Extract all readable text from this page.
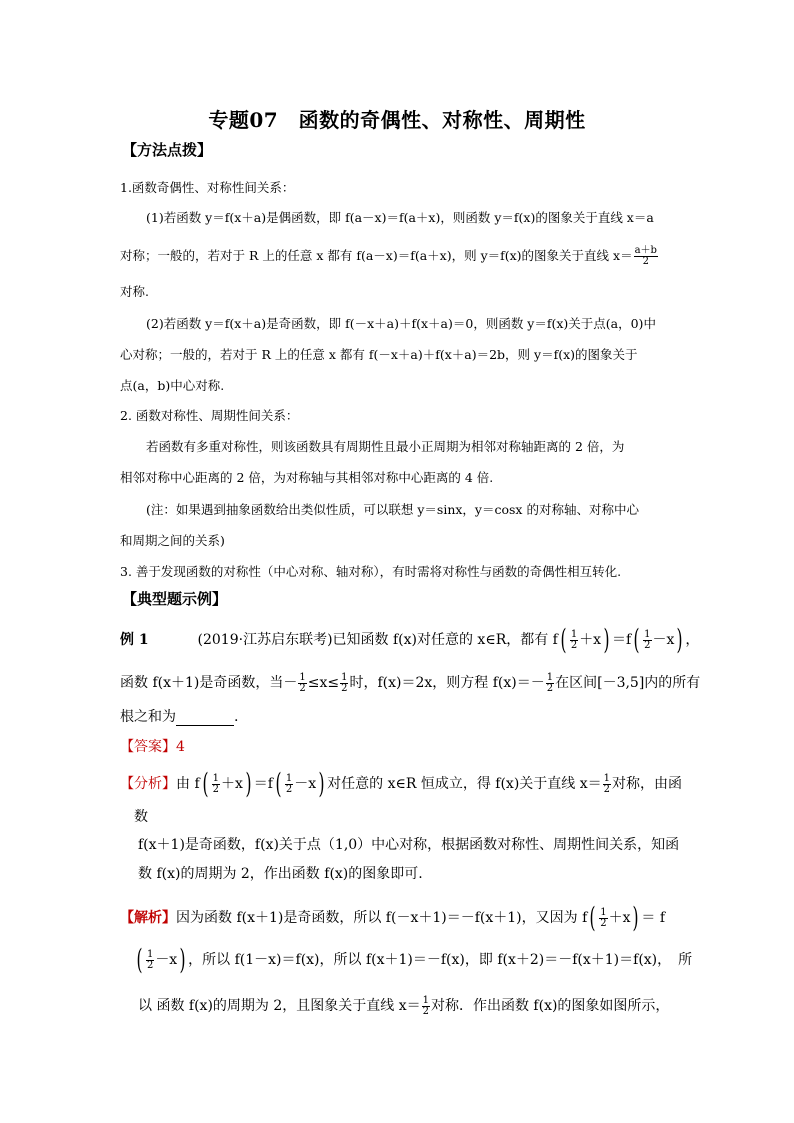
专题07　函数的奇偶性、对称性、周期性
【方法点拨】
1.函数奇偶性、对称性间关系：
(1)若函数 y＝f(x＋a)是偶函数，即 f(a－x)＝f(a＋x)，则函数 y＝f(x)的图象关于直线 x＝a
对称；一般的，若对于 R 上的任意 x 都有 f(a－x)＝f(a＋x)，则 y＝f(x)的图象关于直线 $x= \frac{a+b}{2}$
对称.
(2)若函数 y＝f(x＋a)是奇函数，即 f(－x＋a)＋f(x＋a)＝0，则函数 y＝f(x)关于点(a，0)中
心对称；一般的，若对于 R 上的任意 x 都有 f(－x＋a)＋f(x＋a)＝2b，则 y＝f(x)的图象关于
点(a，b)中心对称.
2. 函数对称性、周期性间关系：
若函数有多重对称性，则该函数具有周期性且最小正周期为相邻对称轴距离的 2 倍，为
相邻对称中心距离的 2 倍，为对称轴与其相邻对称中心距离的 4 倍.
(注：如果遇到抽象函数给出类似性质，可以联想 y＝sinx，y＝cosx 的对称轴、对称中心
和周期之间的关系)
3. 善于发现函数的对称性（中心对称、轴对称），有时需将对称性与函数的奇偶性相互转化.
【典型题示例】
例 1	(2019·江苏启东联考)已知函数 f(x)对任意的 x∈R，都有 $f( \frac{1}{2} +x) =f( \frac{1}{2} -x)$ ，
函数 f(x＋1)是奇函数，当－ $\frac{1}{2} \le x\le \frac{1}{2}$ 时，f(x)＝2x，则方程 $f(x)=- \frac{1}{2}$ 在区间[－3,5]内的所有
根之和为	.
【答案】4
【分析】由 $f( \frac{1}{2} +x) =f( \frac{1}{2} -x)$ 对任意的 x∈R 恒成立，得 f(x)关于直线 $x= \frac{1}{2}$ 对称，由函
数
f(x＋1)是奇函数，f(x)关于点（1,0）中心对称，根据函数对称性、周期性间关系，知函
数 f(x)的周期为 2，作出函数 f(x)的图象即可.
【解析】因为函数 f(x＋1)是奇函数，所以 f(－x＋1)＝－f(x＋1)，又因为 $f( \frac{1}{2} +x) = f$
( $\frac{1}{2} -x$) ，所以 f(1－x)＝f(x)，所以 f(x＋1)＝－f(x)，即 f(x＋2)＝－f(x＋1)＝f(x)，　所
以 函数 f(x)的周期为 2，且图象关于直线 $x= \frac{1}{2}$ 对称．作出函数 f(x)的图象如图所示，
